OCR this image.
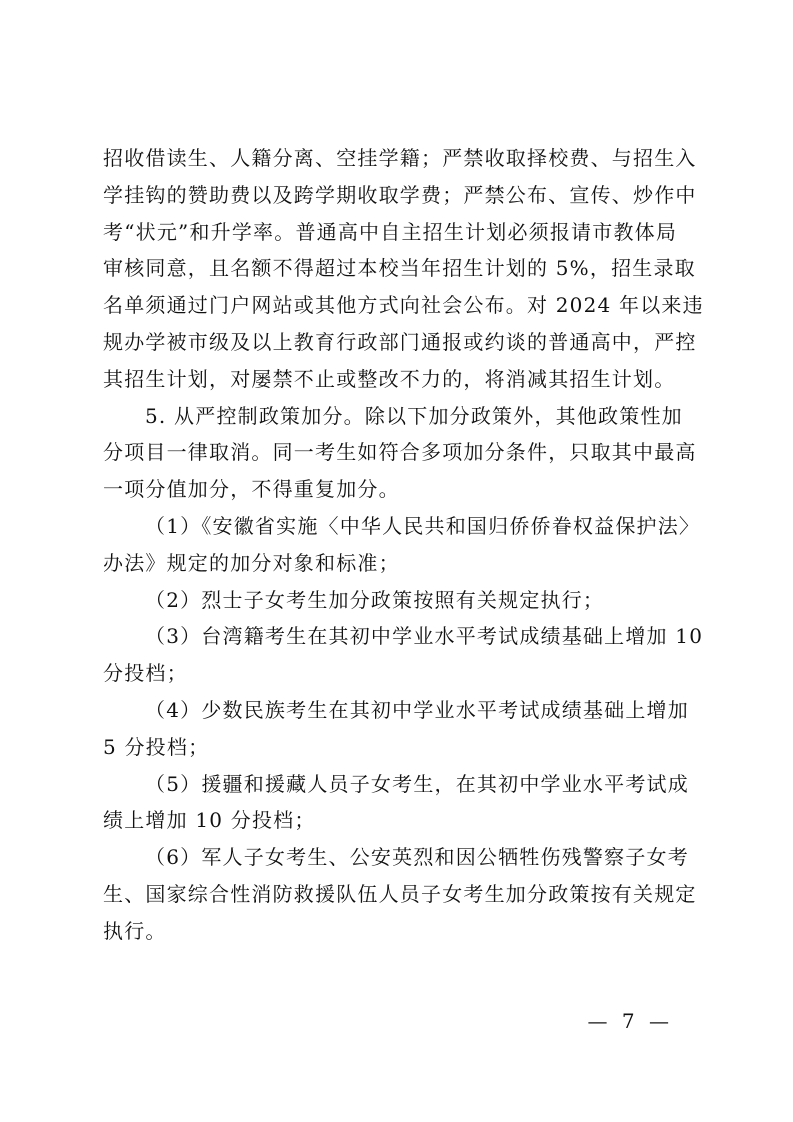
招收借读生、人籍分离、空挂学籍；严禁收取择校费、与招生入
学挂钩的赞助费以及跨学期收取学费；严禁公布、宣传、炒作中
考“状元”和升学率。普通高中自主招生计划必须报请市教体局
审核同意，且名额不得超过本校当年招生计划的 5%，招生录取
名单须通过门户网站或其他方式向社会公布。对 2024 年以来违
规办学被市级及以上教育行政部门通报或约谈的普通高中，严控
其招生计划，对屡禁不止或整改不力的，将消减其招生计划。
5. 从严控制政策加分。除以下加分政策外，其他政策性加
分项目一律取消。同一考生如符合多项加分条件，只取其中最高
一项分值加分，不得重复加分。
（1）《安徽省实施〈中华人民共和国归侨侨眷权益保护法〉
办法》规定的加分对象和标准；
（2）烈士子女考生加分政策按照有关规定执行；
（3）台湾籍考生在其初中学业水平考试成绩基础上增加 10
分投档；
（4）少数民族考生在其初中学业水平考试成绩基础上增加
5 分投档；
（5）援疆和援藏人员子女考生，在其初中学业水平考试成
绩上增加 10 分投档；
（6）军人子女考生、公安英烈和因公牺牲伤残警察子女考
生、国家综合性消防救援队伍人员子女考生加分政策按有关规定
执行。
— 7 —
